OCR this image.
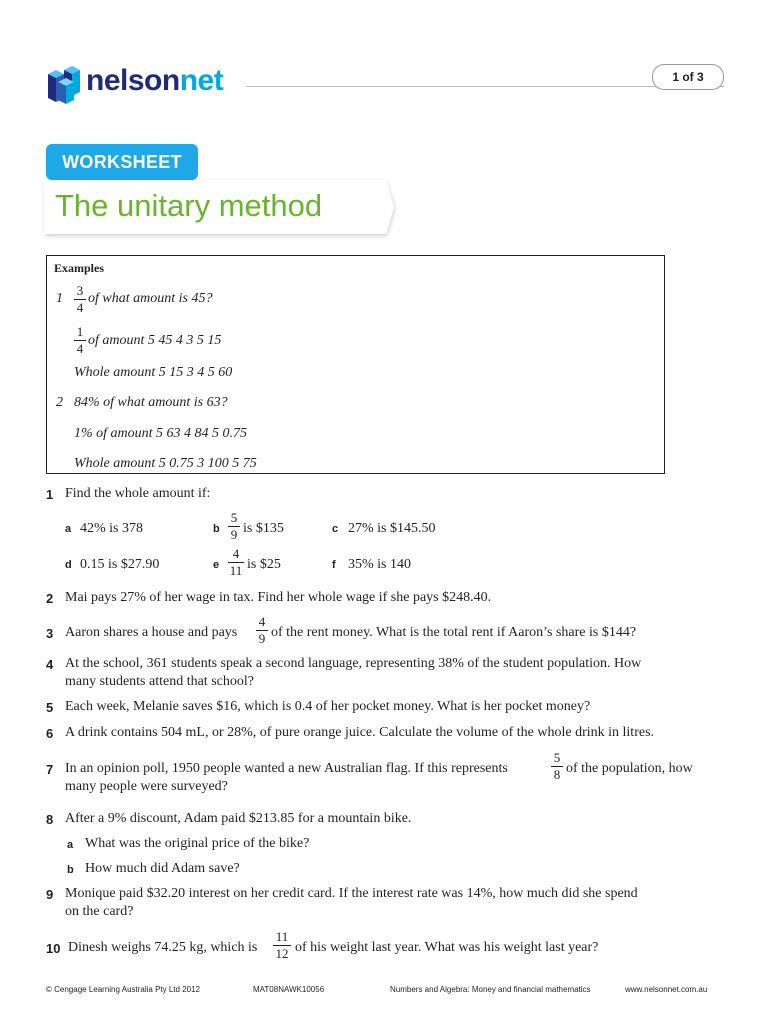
nelsonnet	1 of 3
WORKSHEET
The unitary method
Examples
1
3
4
of what amount is 45?
1
4
of amount 5 45 4 3 5 15
Whole amount 5 15 3 4 5 60
2 84% of what amount is 63?
1% of amount 5 63 4 84 5 0.75
Whole amount 5 0.75 3 100 5 75
1 Find the whole amount if:
a 42% is 378	b
5
9 is $135	c 27% is $145.50
d 0.15 is $27.90	e
4
11 is $25	f 35% is 140
2 Mai pays 27% of her wage in tax. Find her whole wage if she pays $248.40.
3 Aaron shares a house and pays
4
9 of the rent money. What is the total rent if Aaron’s share is $144?
4 At the school, 361 students speak a second language, representing 38% of the student population. How
many students attend that school?
5 Each week, Melanie saves $16, which is 0.4 of her pocket money. What is her pocket money?
6 A drink contains 504 mL, or 28%, of pure orange juice. Calculate the volume of the whole drink in litres.
7 In an opinion poll, 1950 people wanted a new Australian flag. If this represents
5
8 of the population, how
many people were surveyed?
8 After a 9% discount, Adam paid $213.85 for a mountain bike.
a What was the original price of the bike?
b How much did Adam save?
9 Monique paid $32.20 interest on her credit card. If the interest rate was 14%, how much did she spend
on the card?
10 Dinesh weighs 74.25 kg, which is
11
12 of his weight last year. What was his weight last year?
© Cengage Learning Australia Pty Ltd 2012	MAT08NAWK10056	Numbers and Algebra: Money and financial mathematics	www.nelsonnet.com.au
